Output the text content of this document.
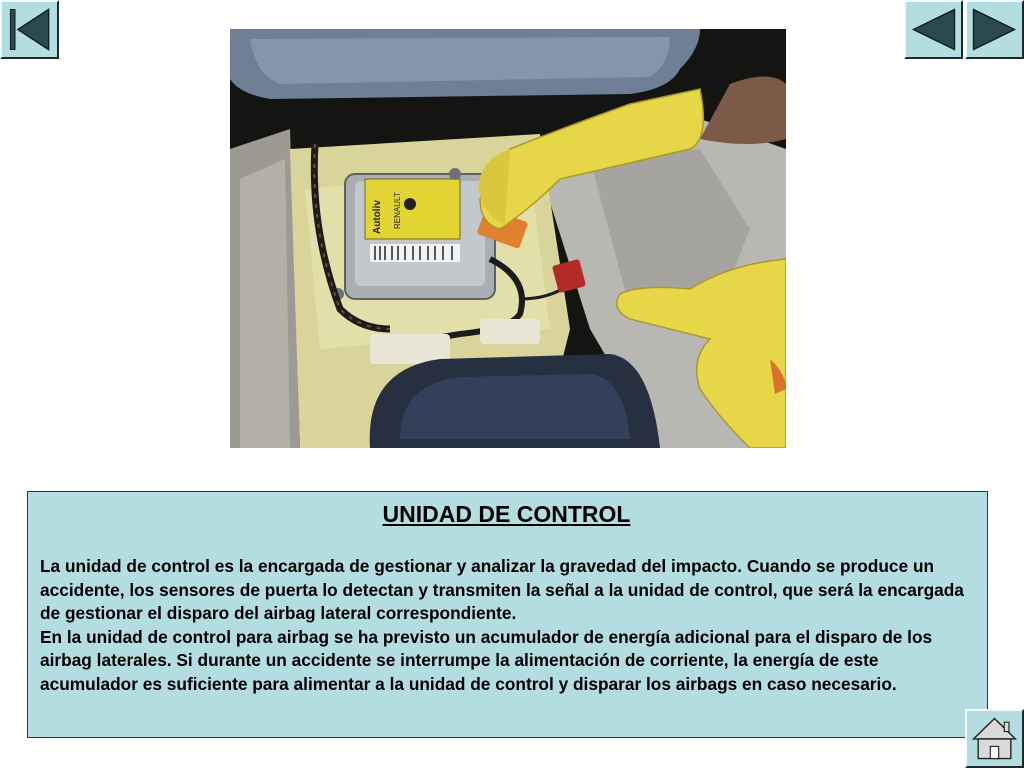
Autoliv RENAULT
UNIDAD DE CONTROL

La unidad de control es la encargada de gestionar y analizar la gravedad del impacto. Cuando se produce un accidente, los sensores de puerta lo detectan y transmiten la señal a la unidad de control, que será la encargada de gestionar el disparo del airbag lateral correspondiente.

En la unidad de control para airbag se ha previsto un acumulador de energía adicional para el disparo de los airbag laterales. Si durante un accidente se interrumpe la alimentación de corriente, la energía de este acumulador es suficiente para alimentar a la unidad de control y disparar los airbags en caso necesario.
